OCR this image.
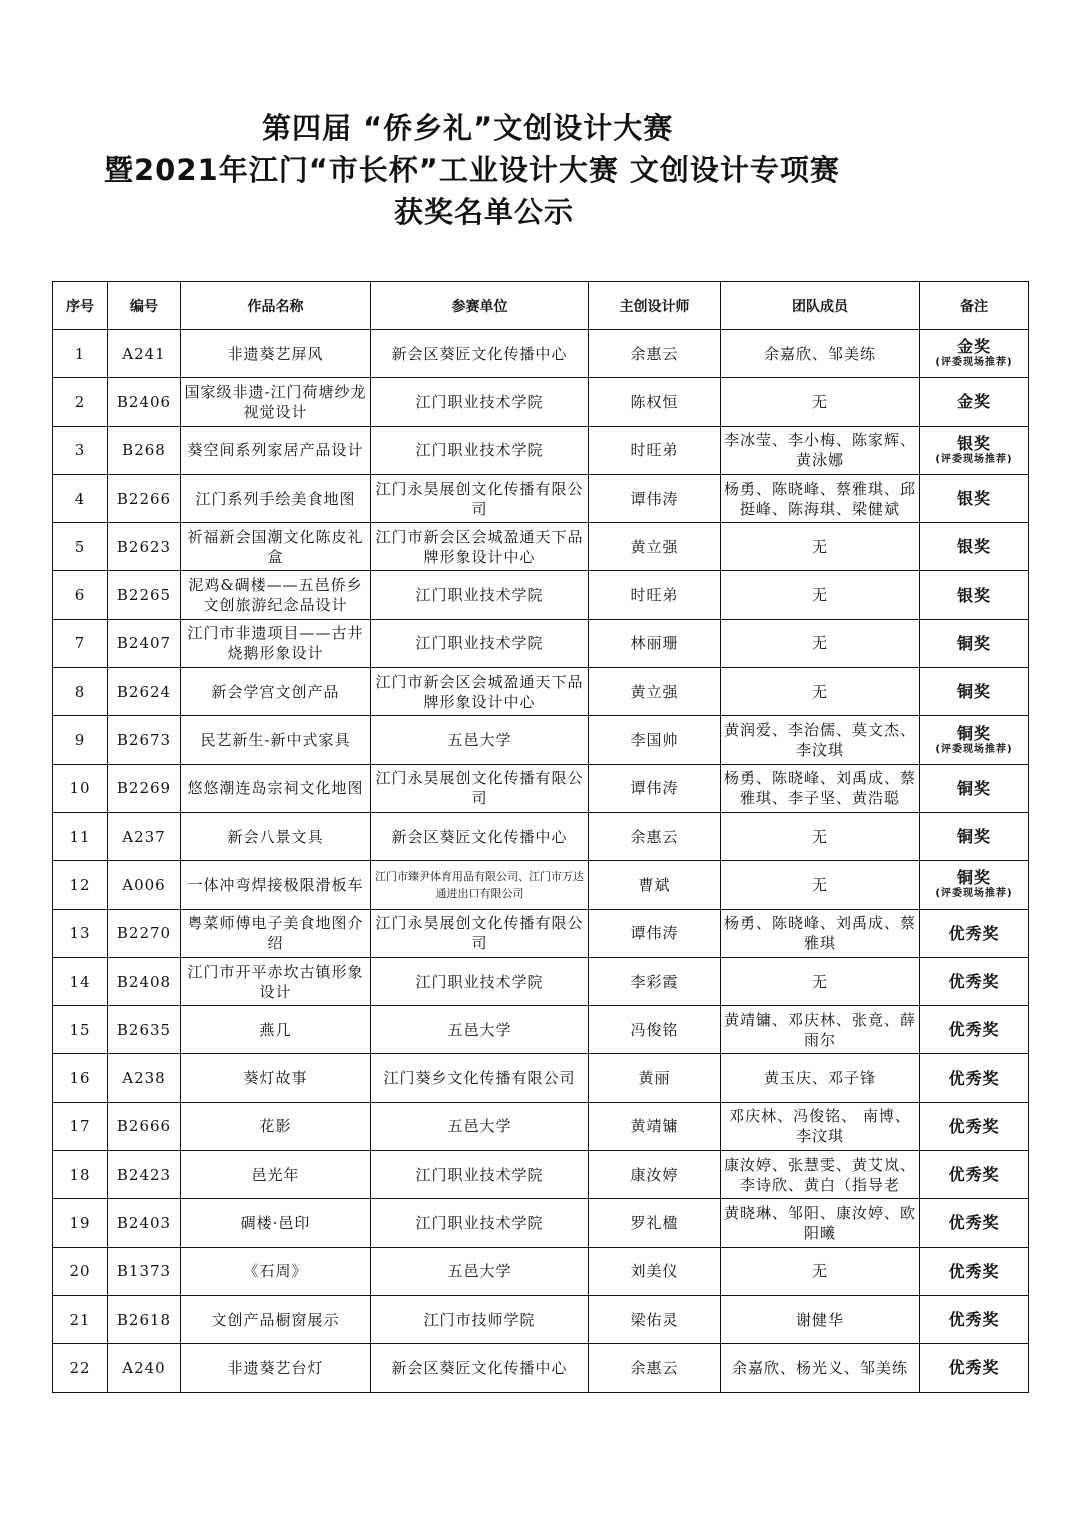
第四届 “侨乡礼”文创设计大赛
暨2021年江门“市长杯”工业设计大赛 文创设计专项赛
获奖名单公示
序号	编号	作品名称	参赛单位	主创设计师	团队成员	备注
1	A241	非遗葵艺屏风	新会区葵匠文化传播中心	余惠云	余嘉欣、邹美练	金奖
(评委现场推荐)

2	B2406	国家级非遗-江门荷塘纱龙视觉设计	江门职业技术学院	陈权恒	无	金奖

3	B268	葵空间系列家居产品设计	江门职业技术学院	时旺弟	李冰莹、李小梅、陈家辉、黄泳娜	银奖
(评委现场推荐)

4	B2266	江门系列手绘美食地图	江门永昊展创文化传播有限公司	谭伟涛	杨勇、陈晓峰、蔡雅琪、邱挺峰、陈海琪、梁健斌	银奖

5	B2623	祈福新会国潮文化陈皮礼盒	江门市新会区会城盈通天下品牌形象设计中心	黄立强	无	银奖

6	B2265	泥鸡&碉楼——五邑侨乡文创旅游纪念品设计	江门职业技术学院	时旺弟	无	银奖

7	B2407	江门市非遗项目——古井烧鹅形象设计	江门职业技术学院	林丽珊	无	铜奖

8	B2624	新会学宫文创产品	江门市新会区会城盈通天下品牌形象设计中心	黄立强	无	铜奖

9	B2673	民艺新生-新中式家具	五邑大学	李国帅	黄润爱、李治儒、莫文杰、李汶琪	铜奖
(评委现场推荐)

10	B2269	悠悠潮连岛宗祠文化地图	江门永昊展创文化传播有限公司	谭伟涛	杨勇、陈晓峰、刘禹成、蔡雅琪、李子坚、黄浩聪	铜奖

11	A237	新会八景文具	新会区葵匠文化传播中心	余惠云	无	铜奖

12	A006	一体冲弯焊接极限滑板车	江门市臻尹体育用品有限公司、江门市万达通进出口有限公司	曹斌	无	铜奖
(评委现场推荐)

13	B2270	粤菜师傅电子美食地图介绍	江门永昊展创文化传播有限公司	谭伟涛	杨勇、陈晓峰、刘禹成、蔡雅琪	优秀奖

14	B2408	江门市开平赤坎古镇形象设计	江门职业技术学院	李彩霞	无	优秀奖

15	B2635	燕几	五邑大学	冯俊铭	黄靖镛、邓庆林、张竟、薛雨尔	优秀奖

16	A238	葵灯故事	江门葵乡文化传播有限公司	黄丽	黄玉庆、邓子锋	优秀奖

17	B2666	花影	五邑大学	黄靖镛	邓庆林、冯俊铭、 南博、李汶琪	优秀奖

18	B2423	邑光年	江门职业技术学院	康汝婷	康汝婷、张慧雯、黄艾岚、李诗欣、黄白（指导老	优秀奖

19	B2403	碉楼·邑印	江门职业技术学院	罗礼楹	黄晓琳、邹阳、康汝婷、欧阳曦	优秀奖

20	B1373	《石周》	五邑大学	刘美仪	无	优秀奖

21	B2618	文创产品橱窗展示	江门市技师学院	梁佑灵	谢健华	优秀奖

22	A240	非遗葵艺台灯	新会区葵匠文化传播中心	余惠云	余嘉欣、杨光义、邹美练	优秀奖
